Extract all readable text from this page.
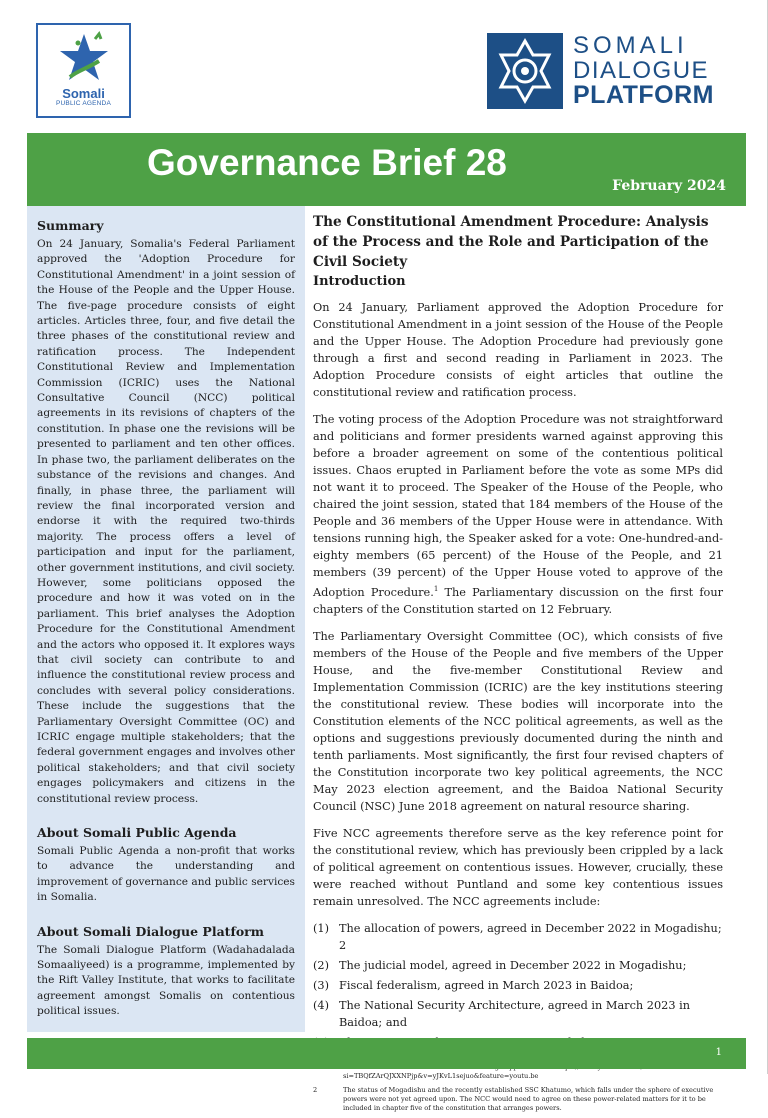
Somali
PUBLIC AGENDA
SOMALI
DIALOGUE
PLATFORM
Governance Brief 28
February 2024
Summary

On 24 January, Somalia's Federal Parliament approved the 'Adoption Procedure for Constitutional Amendment' in a joint session of the House of the People and the Upper House. The five-page procedure consists of eight articles. Articles three, four, and five detail the three phases of the constitutional review and ratification process. The Independent Constitutional Review and Implementation Commission (ICRIC) uses the National Consultative Council (NCC) political agreements in its revisions of chapters of the constitution. In phase one the revisions will be presented to parliament and ten other offices. In phase two, the parliament deliberates on the substance of the revisions and changes. And finally, in phase three, the parliament will review the final incorporated version and endorse it with the required two-thirds majority. The process offers a level of participation and input for the parliament, other government institutions, and civil society. However, some politicians opposed the procedure and how it was voted on in the parliament. This brief analyses the Adoption Procedure for the Constitutional Amendment and the actors who opposed it. It explores ways that civil society can contribute to and influence the constitutional review process and concludes with several policy considerations. These include the suggestions that the Parliamentary Oversight Committee (OC) and ICRIC engage multiple stakeholders; that the federal government engages and involves other political stakeholders; and that civil society engages policymakers and citizens in the constitutional review process.

About Somali Public Agenda

Somali Public Agenda a non-profit that works to advance the understanding and improvement of governance and public services in Somalia.

About Somali Dialogue Platform

The Somali Dialogue Platform (Wadahadalada Somaaliyeed) is a programme, implemented by the Rift Valley Institute, that works to facilitate agreement amongst Somalis on contentious political issues.

The Constitutional Amendment Procedure: Analysis of the Process and the Role and Participation of the Civil Society

Introduction

On 24 January, Parliament approved the Adoption Procedure for Constitutional Amendment in a joint session of the House of the People and the Upper House. The Adoption Procedure had previously gone through a first and second reading in Parliament in 2023. The Adoption Procedure consists of eight articles that outline the constitutional review and ratification process.

The voting process of the Adoption Procedure was not straightforward and politicians and former presidents warned against approving this before a broader agreement on some of the contentious political issues. Chaos erupted in Parliament before the vote as some MPs did not want it to proceed. The Speaker of the House of the People, who chaired the joint session, stated that 184 members of the House of the People and 36 members of the Upper House were in attendance. With tensions running high, the Speaker asked for a vote: One-hundred-and-eighty members (65 percent) of the House of the People, and 21 members (39 percent) of the Upper House voted to approve of the Adoption Procedure.$^1$ The Parliamentary discussion on the first four chapters of the Constitution started on 12 February.

The Parliamentary Oversight Committee (OC), which consists of five members of the House of the People and five members of the Upper House, and the five-member Constitutional Review and Implementation Commission (ICRIC) are the key institutions steering the constitutional review. These bodies will incorporate into the Constitution elements of the NCC political agreements, as well as the options and suggestions previously documented during the ninth and tenth parliaments. Most significantly, the first four revised chapters of the Constitution incorporate two key political agreements, the NCC May 2023 election agreement, and the Baidoa National Security Council (NSC) June 2018 agreement on natural resource sharing.

Five NCC agreements therefore serve as the key reference point for the constitutional review, which has previously been crippled by a lack of political agreement on contentious issues. However, crucially, these were reached without Puntland and some key contentious issues remain unresolved. The NCC agreements include:

(1) The allocation of powers, agreed in December 2022 in Mogadishu; 2
(2) The judicial model, agreed in December 2022 in Mogadishu;
(3) Fiscal federalism, agreed in March 2023 in Baidoa;
(4) The National Security Architecture, agreed in March 2023 in Baidoa; and
si=TBQfZArQJXXNPjp&v=yJKvL1sejuo&feature=youtu.be
2	The status of Mogadishu and the recently established SSC Khatumo, which falls under the sphere of executive powers were not yet agreed upon. The NCC would need to agree on these power-related matters for it to be included in chapter five of the constitution that arranges powers.
1
